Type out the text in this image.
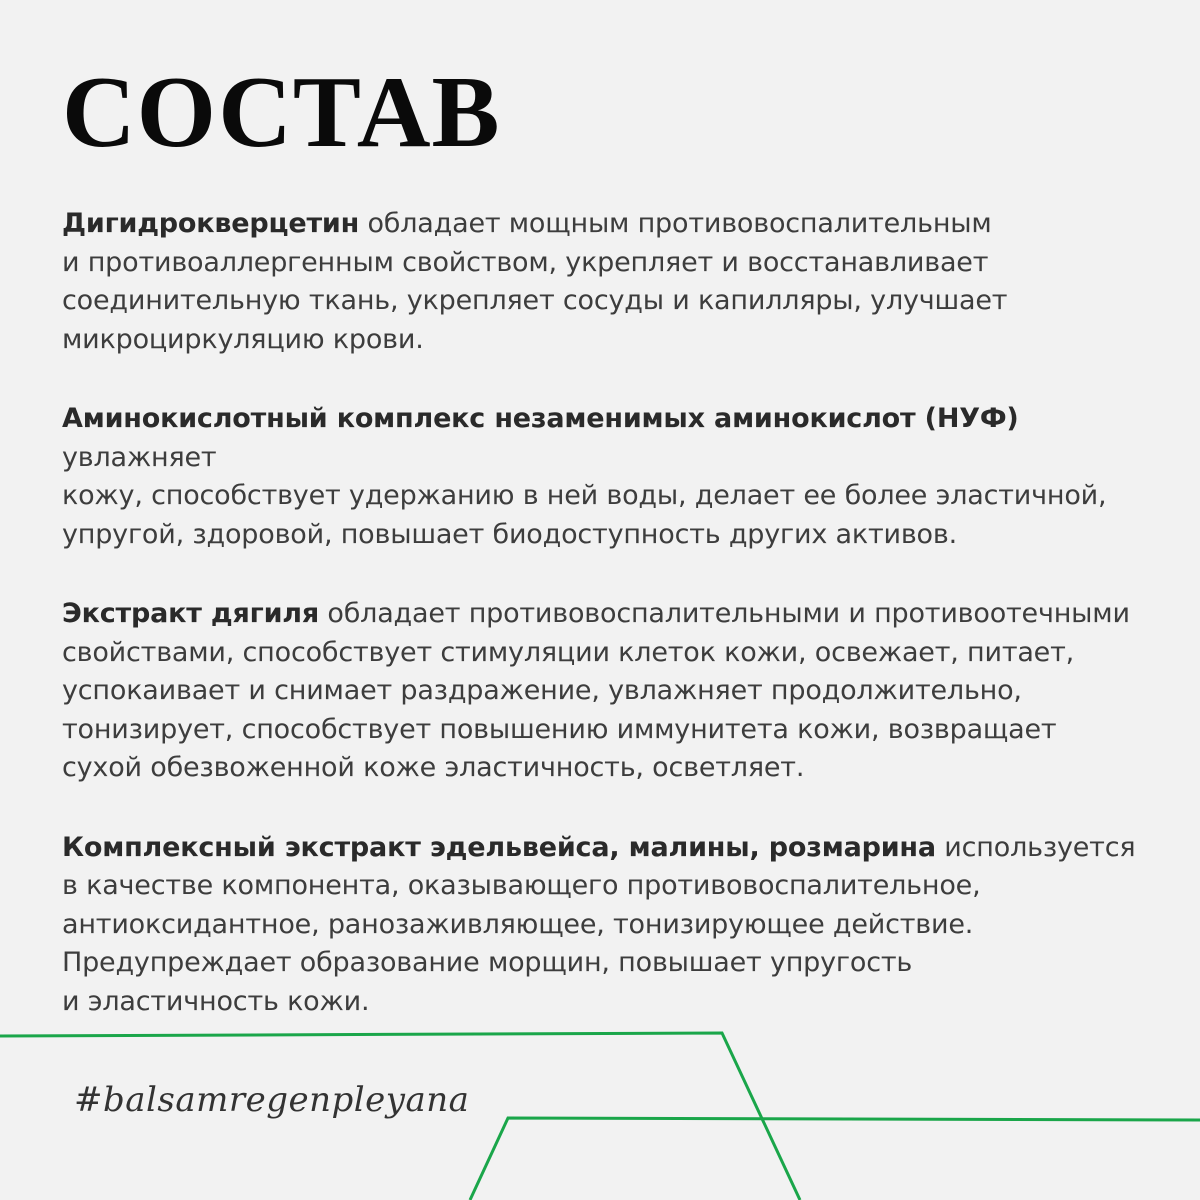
СОСТАВ

Дигидрокверцетин обладает мощным противовоспалительным
и противоаллергенным свойством, укрепляет и восстанавливает
соединительную ткань, укрепляет сосуды и капилляры, улучшает
микроциркуляцию крови.

Аминокислотный комплекс незаменимых аминокислот (НУФ) увлажняет
кожу, способствует удержанию в ней воды, делает ее более эластичной,
упругой, здоровой, повышает биодоступность других активов.

Экстракт дягиля обладает противовоспалительными и противоотечными
свойствами, способствует стимуляции клеток кожи, освежает, питает,
успокаивает и снимает раздражение, увлажняет продолжительно,
тонизирует, способствует повышению иммунитета кожи, возвращает
сухой обезвоженной коже эластичность, осветляет.

Комплексный экстракт эдельвейса, малины, розмарина используется
в качестве компонента, оказывающего противовоспалительное,
антиоксидантное, ранозаживляющее, тонизирующее действие.
Предупреждает образование морщин, повышает упругость
и эластичность кожи.

#balsamregenpleyana
